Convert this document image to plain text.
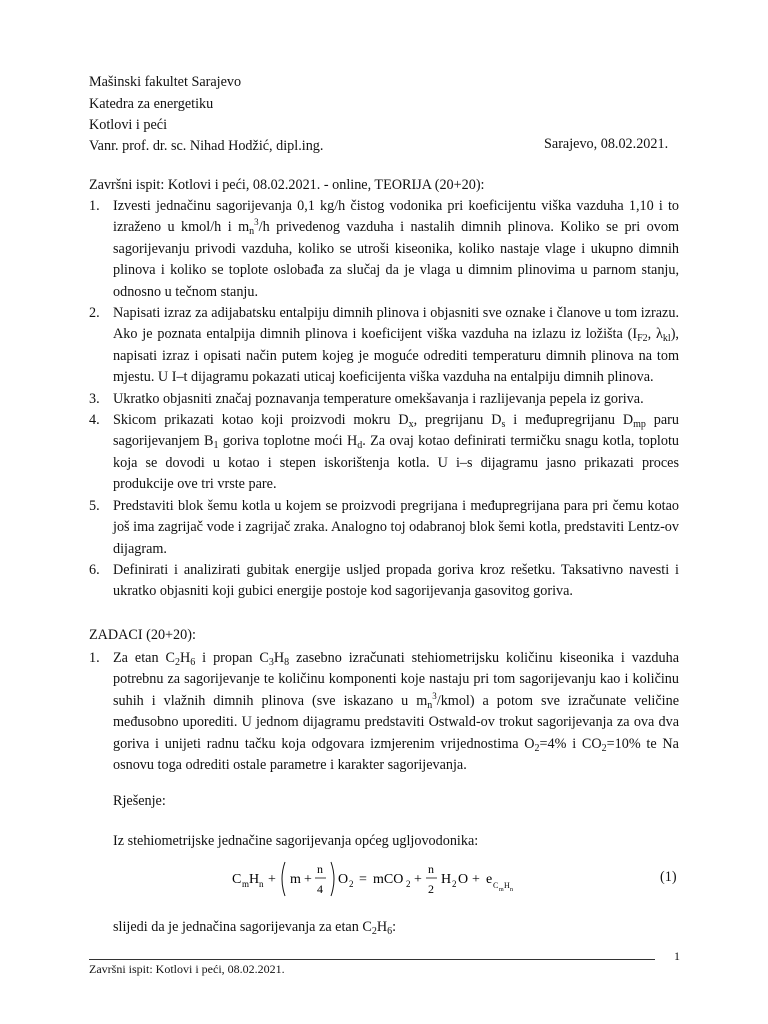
Mašinski fakultet Sarajevo
Katedra za energetiku
Kotlovi i peći
Vanr. prof. dr. sc. Nihad Hodžić, dipl.ing.	Sarajevo, 08.02.2021.
Završni ispit: Kotlovi i peći, 08.02.2021. - online, TEORIJA (20+20):

1. Izvesti jednačinu sagorijevanja 0,1 kg/h čistog vodonika pri koeficijentu viška vazduha 1,10 i to izraženo u kmol/h i $m_n^3/h$ privedenog vazduha i nastalih dimnih plinova. Koliko se pri ovom sagorijevanju privodi vazduha, koliko se utroši kiseonika, koliko nastaje vlage i ukupno dimnih plinova i koliko se toplote oslobađa za slučaj da je vlaga u dimnim plinovima u parnom stanju, odnosno u tečnom stanju.

2. Napisati izraz za adijabatsku entalpiju dimnih plinova i objasniti sve oznake i članove u tom izrazu. Ako je poznata entalpija dimnih plinova i koeficijent viška vazduha na izlazu iz ložišta ($I_{F2}$, $\lambda_{kl}$), napisati izraz i opisati način putem kojeg je moguće odrediti temperaturu dimnih plinova na tom mjestu. U I–t dijagramu pokazati uticaj koeficijenta viška vazduha na entalpiju dimnih plinova.

3. Ukratko objasniti značaj poznavanja temperature omekšavanja i razlijevanja pepela iz goriva.

4. Skicom prikazati kotao koji proizvodi mokru $D_x$, pregrijanu $D_s$ i međupregrijanu $D_{mp}$ paru sagorijevanjem $B_1$ goriva toplotne moći $H_d$. Za ovaj kotao definirati termičku snagu kotla, toplotu koja se dovodi u kotao i stepen iskorištenja kotla. U i–s dijagramu jasno prikazati proces produkcije ove tri vrste pare.

5. Predstaviti blok šemu kotla u kojem se proizvodi pregrijana i međupregrijana para pri čemu kotao još ima zagrijač vode i zagrijač zraka. Analogno toj odabranoj blok šemi kotla, predstaviti Lentz-ov dijagram.

6. Definirati i analizirati gubitak energije usljed propada goriva kroz rešetku. Taksativno navesti i ukratko objasniti koji gubici energije postoje kod sagorijevanja gasovitog goriva.

ZADACI (20+20):

1. Za etan $C_2H_6$ i propan $C_3H_8$ zasebno izračunati stehiometrijsku količinu kiseonika i vazduha potrebnu za sagorijevanje te količinu komponenti koje nastaju pri tom sagorijevanju kao i količinu suhih i vlažnih dimnih plinova (sve iskazano u $m_n^3/kmol$) a potom sve izračunate veličine međusobno uporediti. U jednom dijagramu predstaviti Ostwald-ov trokut sagorijevanja za ova dva goriva i unijeti radnu tačku koja odgovara izmjerenim vrijednostima $O_2=4\%$ i $CO_2=10\%$ te Na osnovu toga odrediti ostale parametre i karakter sagorijevanja.

Rješenje:
Iz stehiometrijske jednačine sagorijevanja općeg ugljovodonika:
C m H n + m +
n
4
O 2 = mCO 2 +
n
2
H 2 O + e C m H n
(1)
slijedi da je jednačina sagorijevanja za etan $C_2H_6$:
1
Završni ispit: Kotlovi i peći, 08.02.2021.
